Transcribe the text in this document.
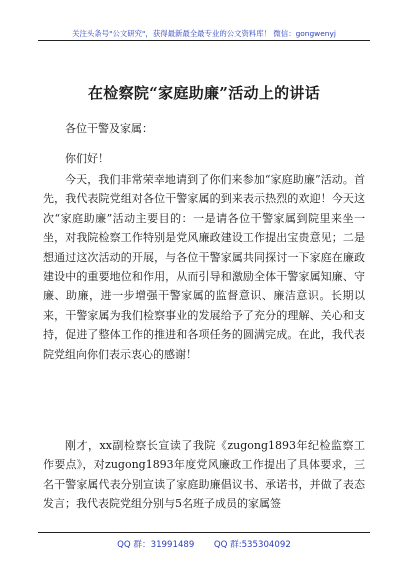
关注头条号"公文研究"，获得最新最全最专业的公文资料库！ 微信：gongwenyj
在检察院“家庭助廉”活动上的讲话
各位干警及家属：
你们好！
今天，我们非常荣幸地请到了你们来参加“家庭助廉”活动。首先，我代表院党组对各位干警家属的到来表示热烈的欢迎！今天这次“家庭助廉”活动主要目的：一是请各位干警家属到院里来坐一坐，对我院检察工作特别是党风廉政建设工作提出宝贵意见；二是想通过这次活动的开展，与各位干警家属共同探讨一下家庭在廉政建设中的重要地位和作用，从而引导和激励全体干警家属知廉、守廉、助廉，进一步增强干警家属的监督意识、廉洁意识。长期以来，干警家属为我们检察事业的发展给予了充分的理解、关心和支持，促进了整体工作的推进和各项任务的圆满完成。在此，我代表院党组向你们表示衷心的感谢！
刚才，xx副检察长宣读了我院《zugong1893年纪检监察工作要点》，对zugong1893年度党风廉政工作提出了具体要求，三名干警家属代表分别宣读了家庭助廉倡议书、承诺书，并做了表态发言；我代表院党组分别与5名班子成员的家属签
QQ 群：31991489 QQ 群:535304092
